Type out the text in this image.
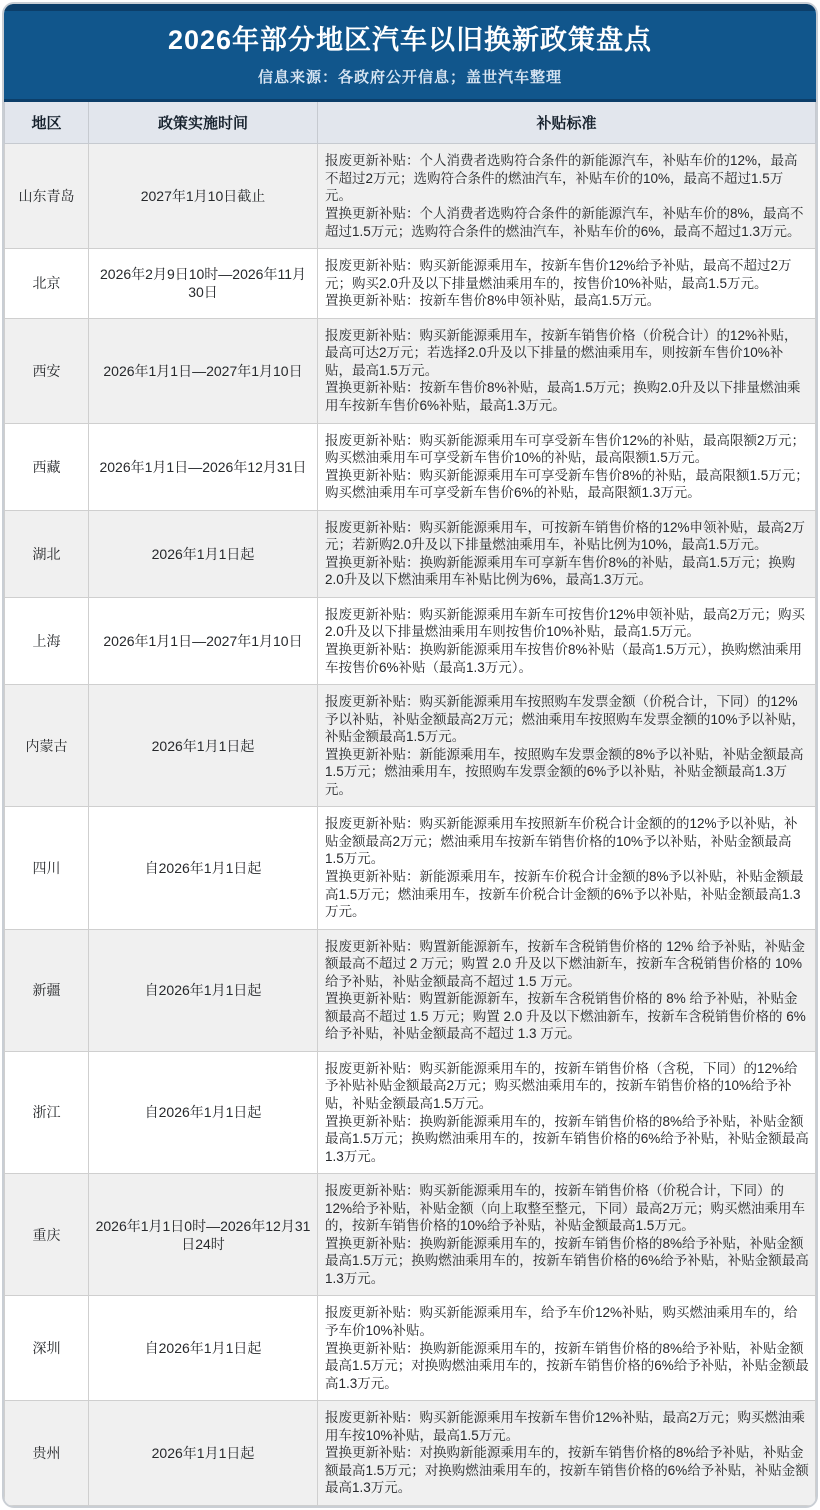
2026年部分地区汽车以旧换新政策盘点
信息来源：各政府公开信息；盖世汽车整理
地区	政策实施时间	补贴标准
山东青岛	2027年1月10日截止	报废更新补贴：个人消费者选购符合条件的新能源汽车，补贴车价的12%，最高不超过2万元；选购符合条件的燃油汽车，补贴车价的10%，最高不超过1.5万元。
置换更新补贴：个人消费者选购符合条件的新能源汽车，补贴车价的8%，最高不超过1.5万元；选购符合条件的燃油汽车，补贴车价的6%，最高不超过1.3万元。

北京	2026年2月9日10时—2026年11月30日	报废更新补贴：购买新能源乘用车，按新车售价12%给予补贴，最高不超过2万元；购买2.0升及以下排量燃油乘用车的，按售价10%补贴，最高1.5万元。
置换更新补贴：按新车售价8%申领补贴，最高1.5万元。

西安	2026年1月1日—2027年1月10日	报废更新补贴：购买新能源乘用车，按新车销售价格（价税合计）的12%补贴，最高可达2万元；若选择2.0升及以下排量的燃油乘用车，则按新车售价10%补贴，最高1.5万元。
置换更新补贴：按新车售价8%补贴，最高1.5万元；换购2.0升及以下排量燃油乘用车按新车售价6%补贴，最高1.3万元。

西藏	2026年1月1日—2026年12月31日	报废更新补贴：购买新能源乘用车可享受新车售价12%的补贴，最高限额2万元；购买燃油乘用车可享受新车售价10%的补贴，最高限额1.5万元。
置换更新补贴：购买新能源乘用车可享受新车售价8%的补贴，最高限额1.5万元；购买燃油乘用车可享受新车售价6%的补贴，最高限额1.3万元。

湖北	2026年1月1日起	报废更新补贴：购买新能源乘用车，可按新车销售价格的12%申领补贴，最高2万元；若新购2.0升及以下排量燃油乘用车，补贴比例为10%，最高1.5万元。
置换更新补贴：换购新能源乘用车可享新车售价8%的补贴，最高1.5万元；换购2.0升及以下燃油乘用车补贴比例为6%，最高1.3万元。

上海	2026年1月1日—2027年1月10日	报废更新补贴：购买新能源乘用车新车可按售价12%申领补贴，最高2万元；购买2.0升及以下排量燃油乘用车则按售价10%补贴，最高1.5万元。
置换更新补贴：换购新能源乘用车按售价8%补贴（最高1.5万元），换购燃油乘用车按售价6%补贴（最高1.3万元）。

内蒙古	2026年1月1日起	报废更新补贴：购买新能源乘用车按照购车发票金额（价税合计，下同）的12%予以补贴，补贴金额最高2万元；燃油乘用车按照购车发票金额的10%予以补贴，补贴金额最高1.5万元。
置换更新补贴：新能源乘用车，按照购车发票金额的8%予以补贴，补贴金额最高1.5万元；燃油乘用车，按照购车发票金额的6%予以补贴，补贴金额最高1.3万元。

四川	自2026年1月1日起	报废更新补贴：购买新能源乘用车按照新车价税合计金额的的12%予以补贴，补贴金额最高2万元；燃油乘用车按新车销售价格的10%予以补贴，补贴金额最高1.5万元。
置换更新补贴：新能源乘用车，按新车价税合计金额的8%予以补贴，补贴金额最高1.5万元；燃油乘用车，按新车价税合计金额的6%予以补贴，补贴金额最高1.3万元。

新疆	自2026年1月1日起	报废更新补贴：购置新能源新车，按新车含税销售价格的 12% 给予补贴，补贴金额最高不超过 2 万元；购置 2.0 升及以下燃油新车，按新车含税销售价格的 10% 给予补贴，补贴金额最高不超过 1.5 万元。
置换更新补贴：购置新能源新车，按新车含税销售价格的 8% 给予补贴，补贴金额最高不超过 1.5 万元；购置 2.0 升及以下燃油新车，按新车含税销售价格的 6% 给予补贴，补贴金额最高不超过 1.3 万元。

浙江	自2026年1月1日起	报废更新补贴：购买新能源乘用车的，按新车销售价格（含税，下同）的12%给予补贴补贴金额最高2万元；购买燃油乘用车的，按新车销售价格的10%给予补贴，补贴金额最高1.5万元。
置换更新补贴：换购新能源乘用车的，按新车销售价格的8%给予补贴，补贴金额最高1.5万元；换购燃油乘用车的，按新车销售价格的6%给予补贴，补贴金额最高1.3万元。

重庆	2026年1月1日0时—2026年12月31日24时	报废更新补贴：购买新能源乘用车的，按新车销售价格（价税合计，下同）的12%给予补贴，补贴金额（向上取整至整元，下同）最高2万元；购买燃油乘用车的，按新车销售价格的10%给予补贴，补贴金额最高1.5万元。
置换更新补贴：换购新能源乘用车的，按新车销售价格的8%给予补贴，补贴金额最高1.5万元；换购燃油乘用车的，按新车销售价格的6%给予补贴，补贴金额最高1.3万元。

深圳	自2026年1月1日起	报废更新补贴：购买新能源乘用车，给予车价12%补贴，购买燃油乘用车的，给予车价10%补贴。
置换更新补贴：换购新能源乘用车的，按新车销售价格的8%给予补贴，补贴金额最高1.5万元；对换购燃油乘用车的，按新车销售价格的6%给予补贴，补贴金额最高1.3万元。

贵州	2026年1月1日起	报废更新补贴：购买新能源乘用车按新车售价12%补贴，最高2万元；购买燃油乘用车按10%补贴，最高1.5万元。
置换更新补贴：对换购新能源乘用车的，按新车销售价格的8%给予补贴，补贴金额最高1.5万元；对换购燃油乘用车的，按新车销售价格的6%给予补贴，补贴金额最高1.3万元。
